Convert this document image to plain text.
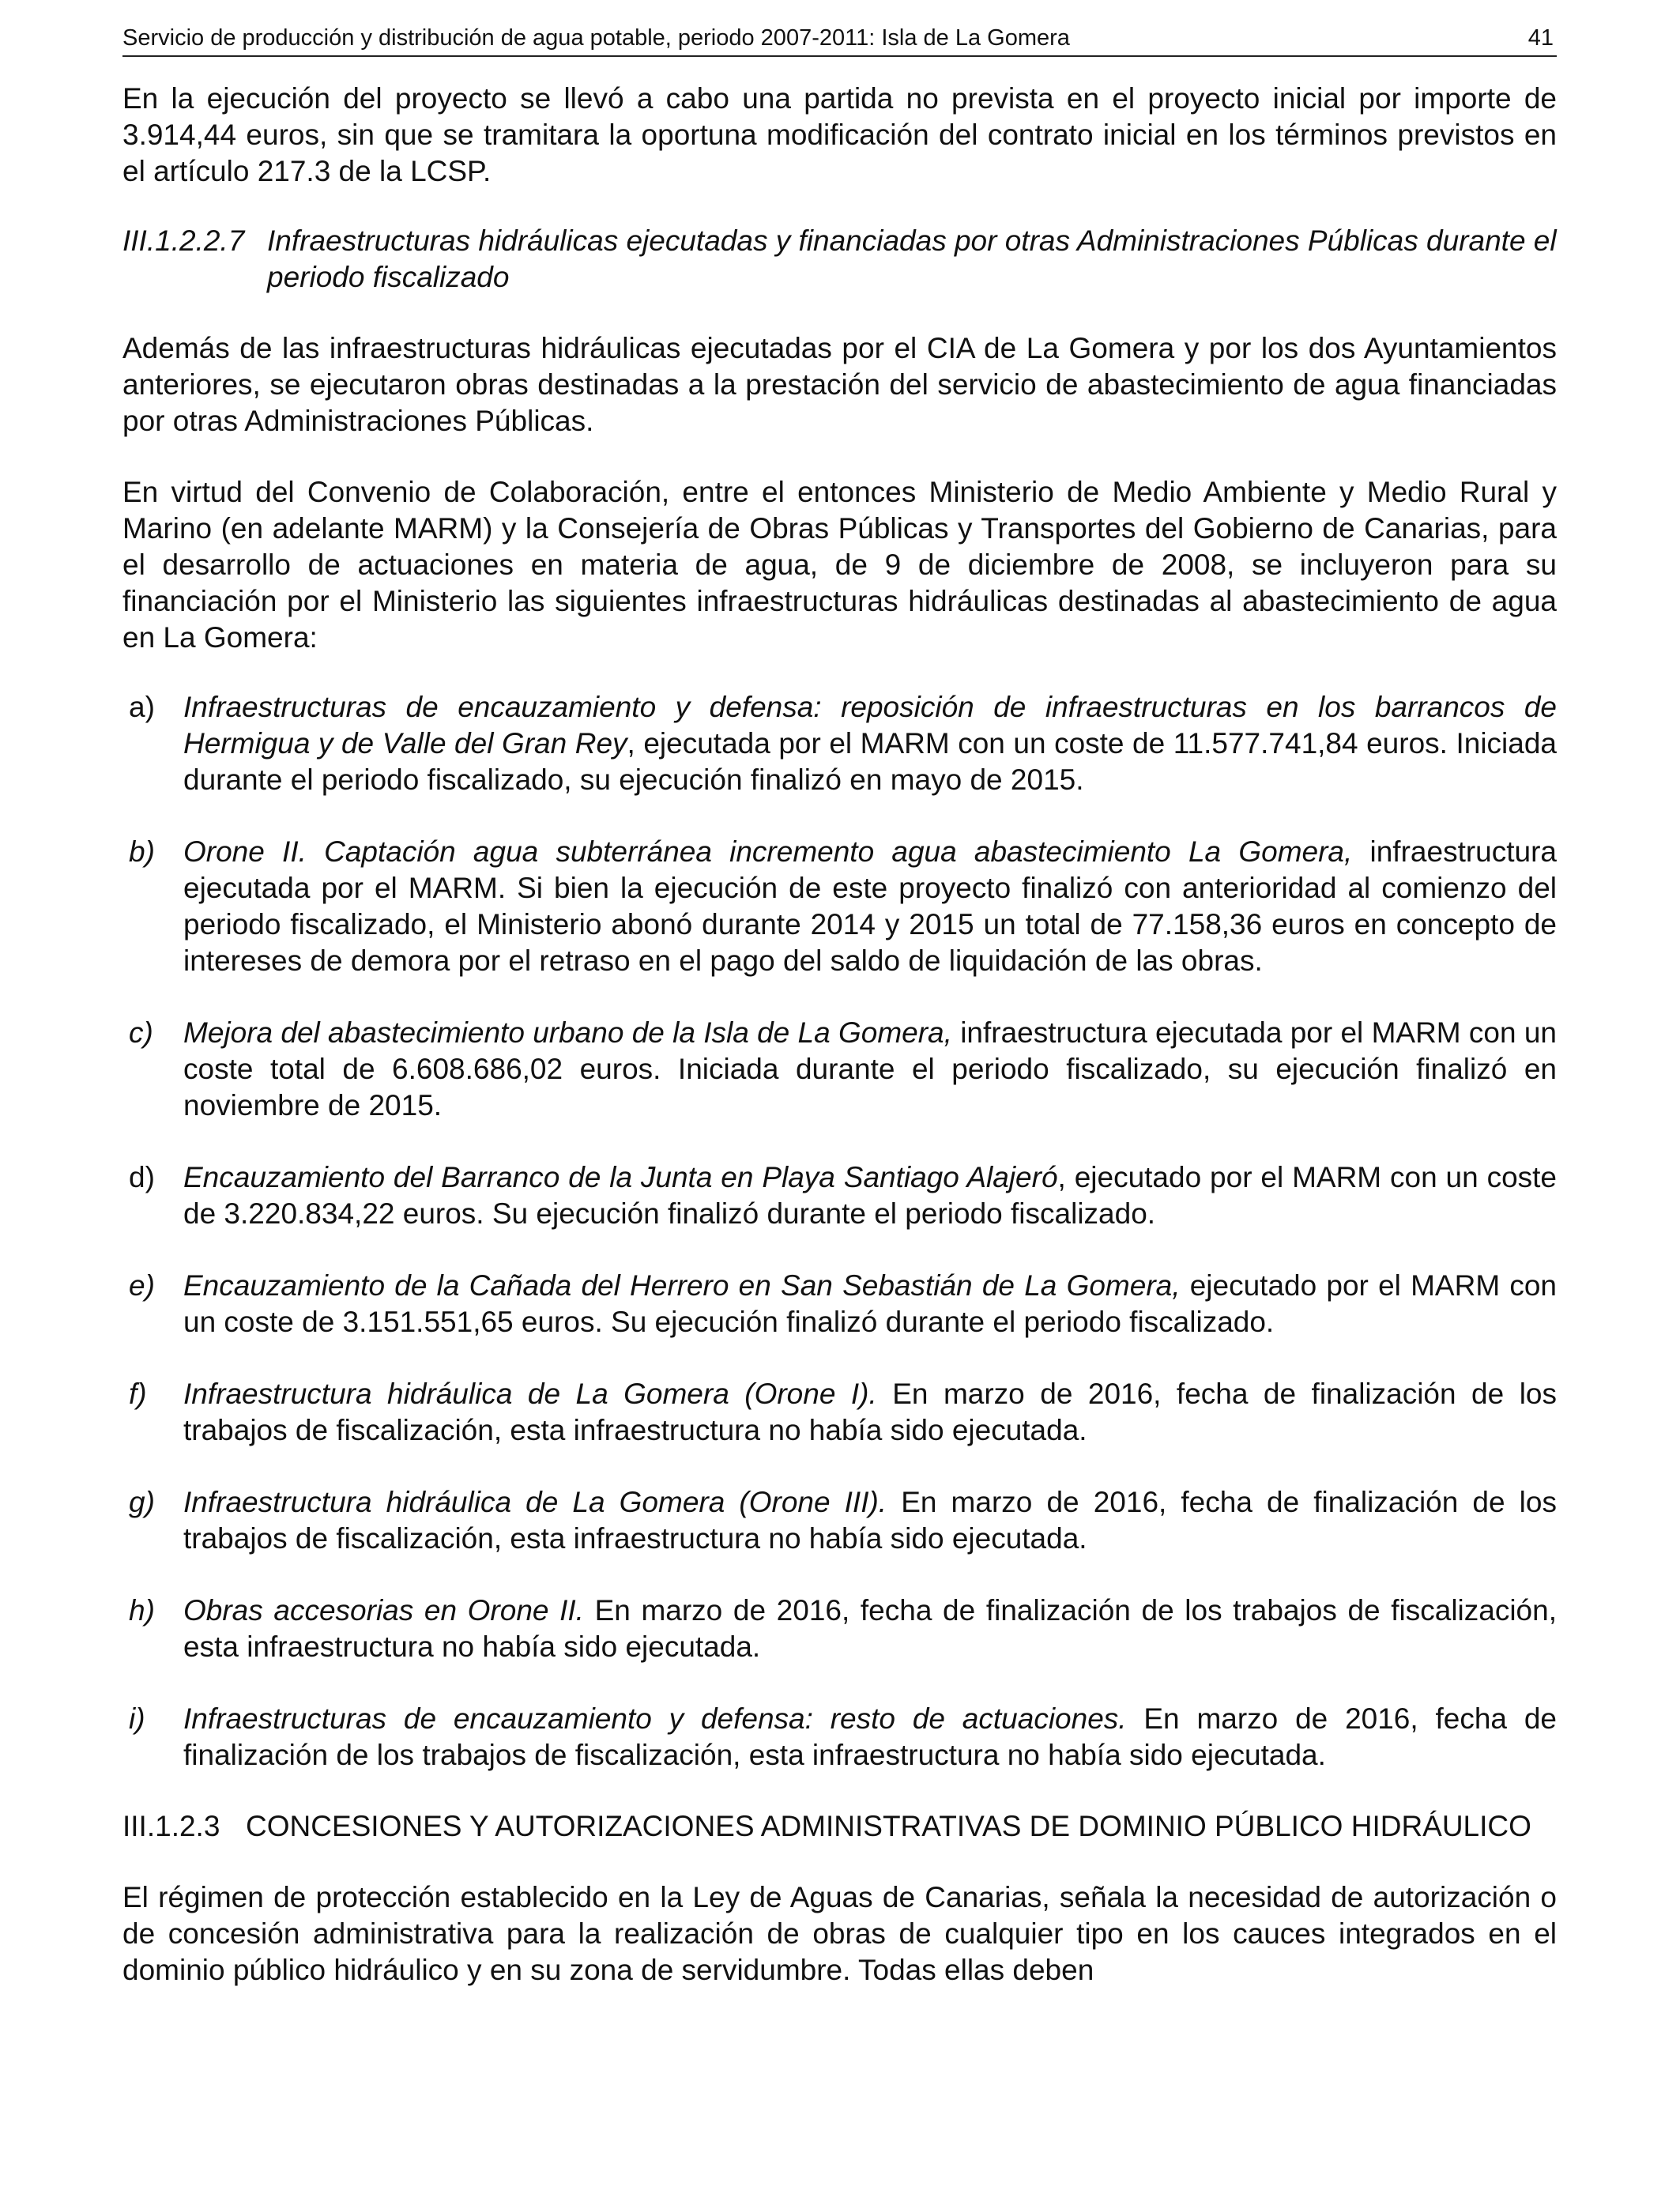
Servicio de producción y distribución de agua potable, periodo 2007-2011: Isla de La Gomera	41

En la ejecución del proyecto se llevó a cabo una partida no prevista en el proyecto inicial por importe de 3.914,44 euros, sin que se tramitara la oportuna modificación del contrato inicial en los términos previstos en el artículo 217.3 de la LCSP.

III.1.2.2.7 Infraestructuras hidráulicas ejecutadas y financiadas por otras Administraciones Públicas durante el periodo fiscalizado

Además de las infraestructuras hidráulicas ejecutadas por el CIA de La Gomera y por los dos Ayuntamientos anteriores, se ejecutaron obras destinadas a la prestación del servicio de abastecimiento de agua financiadas por otras Administraciones Públicas.

En virtud del Convenio de Colaboración, entre el entonces Ministerio de Medio Ambiente y Medio Rural y Marino (en adelante MARM) y la Consejería de Obras Públicas y Transportes del Gobierno de Canarias, para el desarrollo de actuaciones en materia de agua, de 9 de diciembre de 2008, se incluyeron para su financiación por el Ministerio las siguientes infraestructuras hidráulicas destinadas al abastecimiento de agua en La Gomera:

a) Infraestructuras de encauzamiento y defensa: reposición de infraestructuras en los barrancos de Hermigua y de Valle del Gran Rey, ejecutada por el MARM con un coste de 11.577.741,84 euros. Iniciada durante el periodo fiscalizado, su ejecución finalizó en mayo de 2015.
b) Orone II. Captación agua subterránea incremento agua abastecimiento La Gomera, infraestructura ejecutada por el MARM. Si bien la ejecución de este proyecto finalizó con anterioridad al comienzo del periodo fiscalizado, el Ministerio abonó durante 2014 y 2015 un total de 77.158,36 euros en concepto de intereses de demora por el retraso en el pago del saldo de liquidación de las obras.
c)	Mejora del abastecimiento urbano de la Isla de La Gomera, infraestructura ejecutada por el MARM con un coste total de 6.608.686,02 euros. Iniciada durante el periodo fiscalizado, su ejecución finalizó en noviembre de 2015.
d) Encauzamiento del Barranco de la Junta en Playa Santiago Alajeró, ejecutado por el MARM con un coste de 3.220.834,22 euros. Su ejecución finalizó durante el periodo fiscalizado.
e) Encauzamiento de la Cañada del Herrero en San Sebastián de La Gomera, ejecutado por el MARM con un coste de 3.151.551,65 euros. Su ejecución finalizó durante el periodo fiscalizado.
f)	Infraestructura hidráulica de La Gomera (Orone I). En marzo de 2016, fecha de finalización de los trabajos de fiscalización, esta infraestructura no había sido ejecutada.
g) Infraestructura hidráulica de La Gomera (Orone III). En marzo de 2016, fecha de finalización de los trabajos de fiscalización, esta infraestructura no había sido ejecutada.
h) Obras accesorias en Orone II. En marzo de 2016, fecha de finalización de los trabajos de fiscalización, esta infraestructura no había sido ejecutada.
i)	Infraestructuras de encauzamiento y defensa: resto de actuaciones. En marzo de 2016, fecha de finalización de los trabajos de fiscalización, esta infraestructura no había sido ejecutada.
III.1.2.3 CONCESIONES Y AUTORIZACIONES ADMINISTRATIVAS DE DOMINIO PÚBLICO HIDRÁULICO

El régimen de protección establecido en la Ley de Aguas de Canarias, señala la necesidad de autorización o de concesión administrativa para la realización de obras de cualquier tipo en los cauces integrados en el dominio público hidráulico y en su zona de servidumbre. Todas ellas deben
